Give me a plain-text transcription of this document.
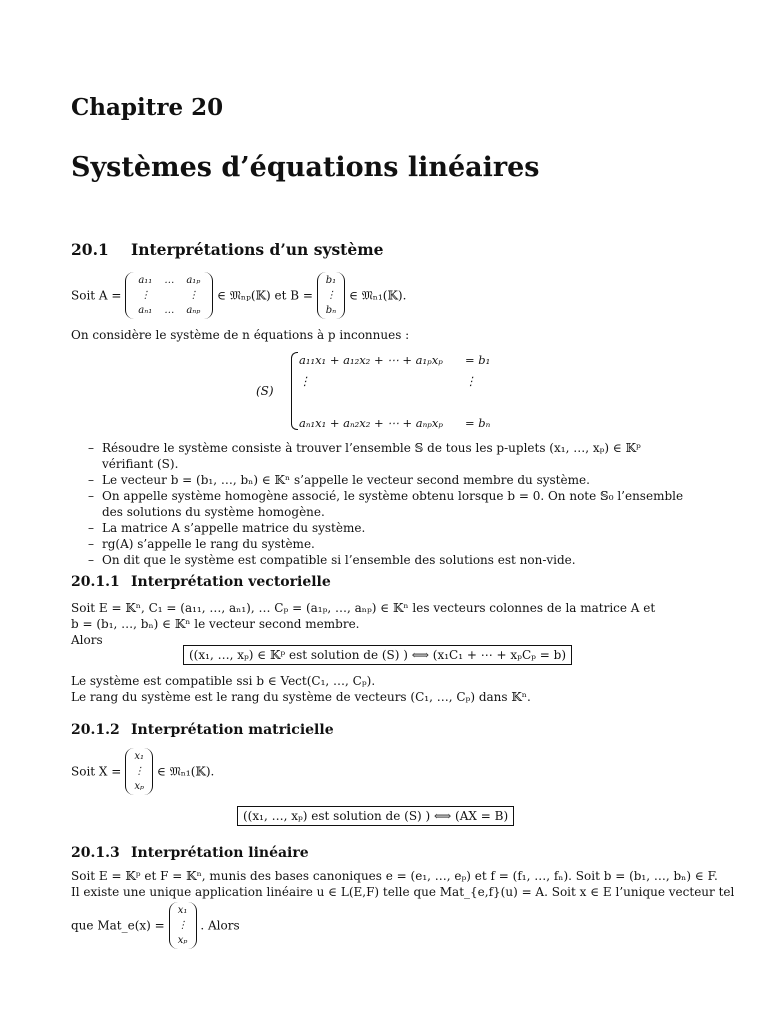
Chapitre 20
Systèmes d’équations linéaires
20.1 Interprétations d’un système
Soit A =
a₁₁	…	a₁ₚ
⋮		⋮
aₙ₁	…	aₙₚ
∈ 𝔐ₙₚ(𝕂) et B =
b₁
⋮
bₙ
∈ 𝔐ₙ₁(𝕂).
On considère le système de n équations à p inconnues :
(S)
a₁₁x₁ + a₁₂x₂ + ⋯ + a₁ₚxₚ = b₁
⋮	⋮
aₙ₁x₁ + aₙ₂x₂ + ⋯ + aₙₚxₚ = bₙ
– Résoudre le système consiste à trouver l’ensemble 𝕊 de tous les p-uplets (x₁, …, xₚ) ∈ 𝕂ᵖ vérifiant (S).
– Le vecteur b = (b₁, …, bₙ) ∈ 𝕂ⁿ s’appelle le vecteur second membre du système.
– On appelle système homogène associé, le système obtenu lorsque b = 0. On note 𝕊₀ l’ensemble des solutions du système homogène.
– La matrice A s’appelle matrice du système.
– rg(A) s’appelle le rang du système.
– On dit que le système est compatible si l’ensemble des solutions est non-vide.
20.1.1 Interprétation vectorielle
Soit E = 𝕂ⁿ, C₁ = (a₁₁, …, aₙ₁), … Cₚ = (a₁ₚ, …, aₙₚ) ∈ 𝕂ⁿ les vecteurs colonnes de la matrice A et
b = (b₁, …, bₙ) ∈ 𝕂ⁿ le vecteur second membre.
Alors
((x₁, …, xₚ) ∈ 𝕂ᵖ est solution de (S) ) ⟺ (x₁C₁ + ⋯ + xₚCₚ = b)
Le système est compatible ssi b ∈ Vect(C₁, …, Cₚ).
Le rang du système est le rang du système de vecteurs (C₁, …, Cₚ) dans 𝕂ⁿ.
20.1.2 Interprétation matricielle
Soit X =
x₁
⋮
xₚ
∈ 𝔐ₙ₁(𝕂).
((x₁, …, xₚ) est solution de (S) ) ⟺ (AX = B)
20.1.3 Interprétation linéaire
Soit E = 𝕂ᵖ et F = 𝕂ⁿ, munis des bases canoniques e = (e₁, …, eₚ) et f = (f₁, …, fₙ). Soit b = (b₁, …, bₙ) ∈ F.
Il existe une unique application linéaire u ∈ L(E,F) telle que Mat_{e,f}(u) = A. Soit x ∈ E l’unique vecteur tel
que Mat_e(x) =
x₁
⋮
xₚ
. Alors
